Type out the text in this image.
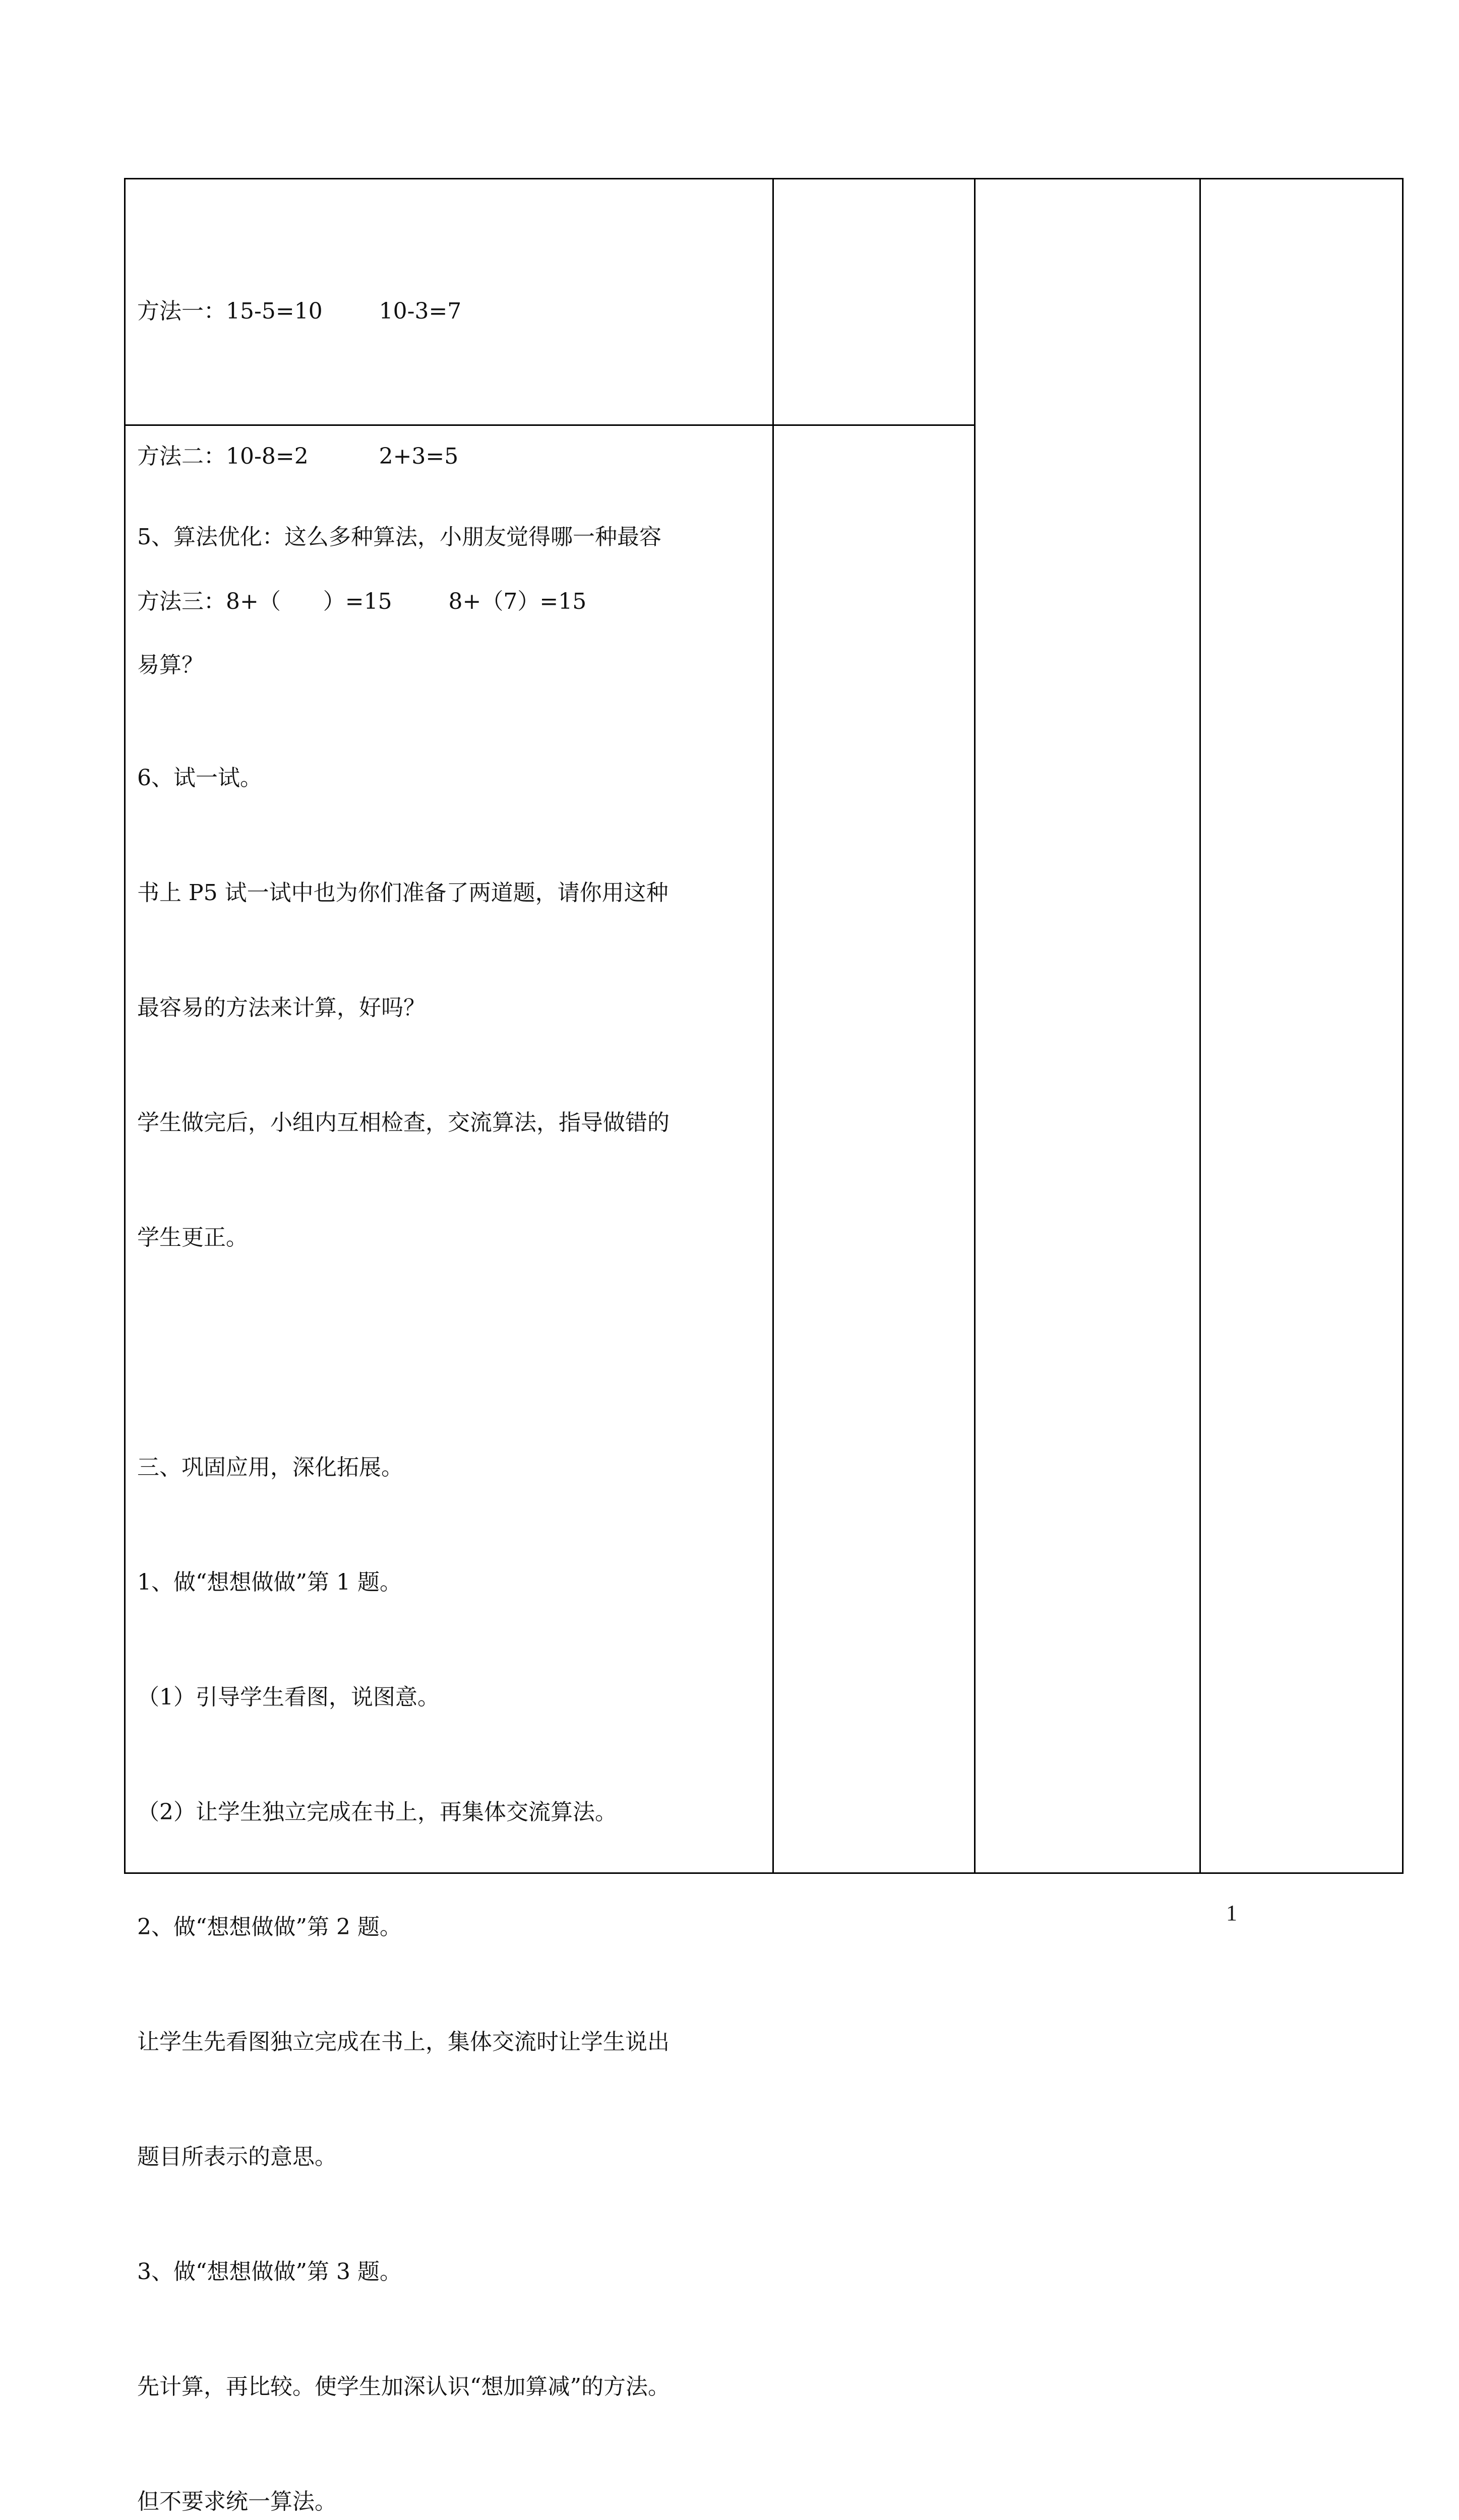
方法一：15-5=10        10-3=7

方法二：10-8=2          2+3=5

方法三：8+（      ）=15        8+（7）=15

5、算法优化：这么多种算法，小朋友觉得哪一种最容

易算？

6、试一试。

书上 P5 试一试中也为你们准备了两道题，请你用这种

最容易的方法来计算，好吗？

学生做完后，小组内互相检查，交流算法，指导做错的

学生更正。

三、巩固应用，深化拓展。

1、做“想想做做”第 1 题。

（1）引导学生看图，说图意。

（2）让学生独立完成在书上，再集体交流算法。

2、做“想想做做”第 2 题。

让学生先看图独立完成在书上，集体交流时让学生说出

题目所表示的意思。

3、做“想想做做”第 3 题。

先计算，再比较。使学生加深认识“想加算减”的方法。

但不要求统一算法。

1
